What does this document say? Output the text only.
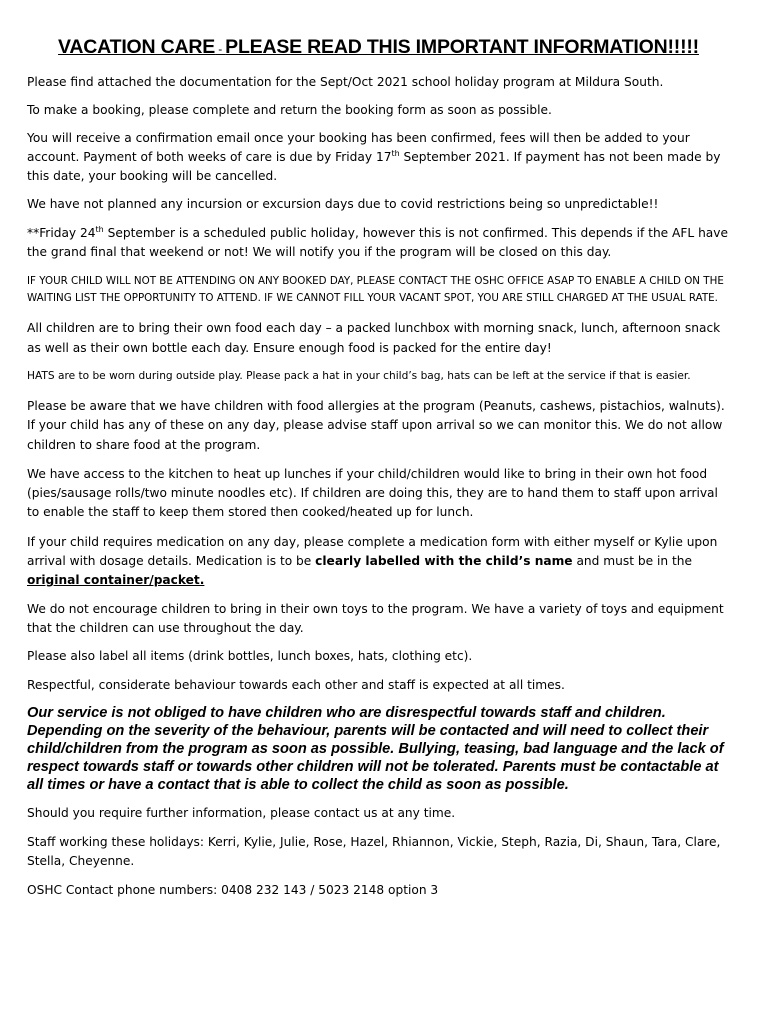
VACATION CARE - PLEASE READ THIS IMPORTANT INFORMATION!!!!!

Please find attached the documentation for the Sept/Oct 2021 school holiday program at Mildura South.

To make a booking, please complete and return the booking form as soon as possible.

You will receive a confirmation email once your booking has been confirmed, fees will then be added to your account. Payment of both weeks of care is due by Friday 17th September 2021. If payment has not been made by this date, your booking will be cancelled.

We have not planned any incursion or excursion days due to covid restrictions being so unpredictable!!

**Friday 24th September is a scheduled public holiday, however this is not confirmed. This depends if the AFL have the grand final that weekend or not! We will notify you if the program will be closed on this day.

IF YOUR CHILD WILL NOT BE ATTENDING ON ANY BOOKED DAY, PLEASE CONTACT THE OSHC OFFICE ASAP TO ENABLE A CHILD ON THE WAITING LIST THE OPPORTUNITY TO ATTEND. IF WE CANNOT FILL YOUR VACANT SPOT, YOU ARE STILL CHARGED AT THE USUAL RATE.

All children are to bring their own food each day – a packed lunchbox with morning snack, lunch, afternoon snack as well as their own bottle each day. Ensure enough food is packed for the entire day!

HATS are to be worn during outside play. Please pack a hat in your child’s bag, hats can be left at the service if that is easier.

Please be aware that we have children with food allergies at the program (Peanuts, cashews, pistachios, walnuts). If your child has any of these on any day, please advise staff upon arrival so we can monitor this. We do not allow children to share food at the program.

We have access to the kitchen to heat up lunches if your child/children would like to bring in their own hot food (pies/sausage rolls/two minute noodles etc). If children are doing this, they are to hand them to staff upon arrival to enable the staff to keep them stored then cooked/heated up for lunch.

If your child requires medication on any day, please complete a medication form with either myself or Kylie upon arrival with dosage details. Medication is to be clearly labelled with the child’s name and must be in the original container/packet.

We do not encourage children to bring in their own toys to the program. We have a variety of toys and equipment that the children can use throughout the day.

Please also label all items (drink bottles, lunch boxes, hats, clothing etc).

Respectful, considerate behaviour towards each other and staff is expected at all times.

Our service is not obliged to have children who are disrespectful towards staff and children. Depending on the severity of the behaviour, parents will be contacted and will need to collect their child/children from the program as soon as possible. Bullying, teasing, bad language and the lack of respect towards staff or towards other children will not be tolerated. Parents must be contactable at all times or have a contact that is able to collect the child as soon as possible.

Should you require further information, please contact us at any time.

Staff working these holidays: Kerri, Kylie, Julie, Rose, Hazel, Rhiannon, Vickie, Steph, Razia, Di, Shaun, Tara, Clare, Stella, Cheyenne.

OSHC Contact phone numbers: 0408 232 143 / 5023 2148 option 3
